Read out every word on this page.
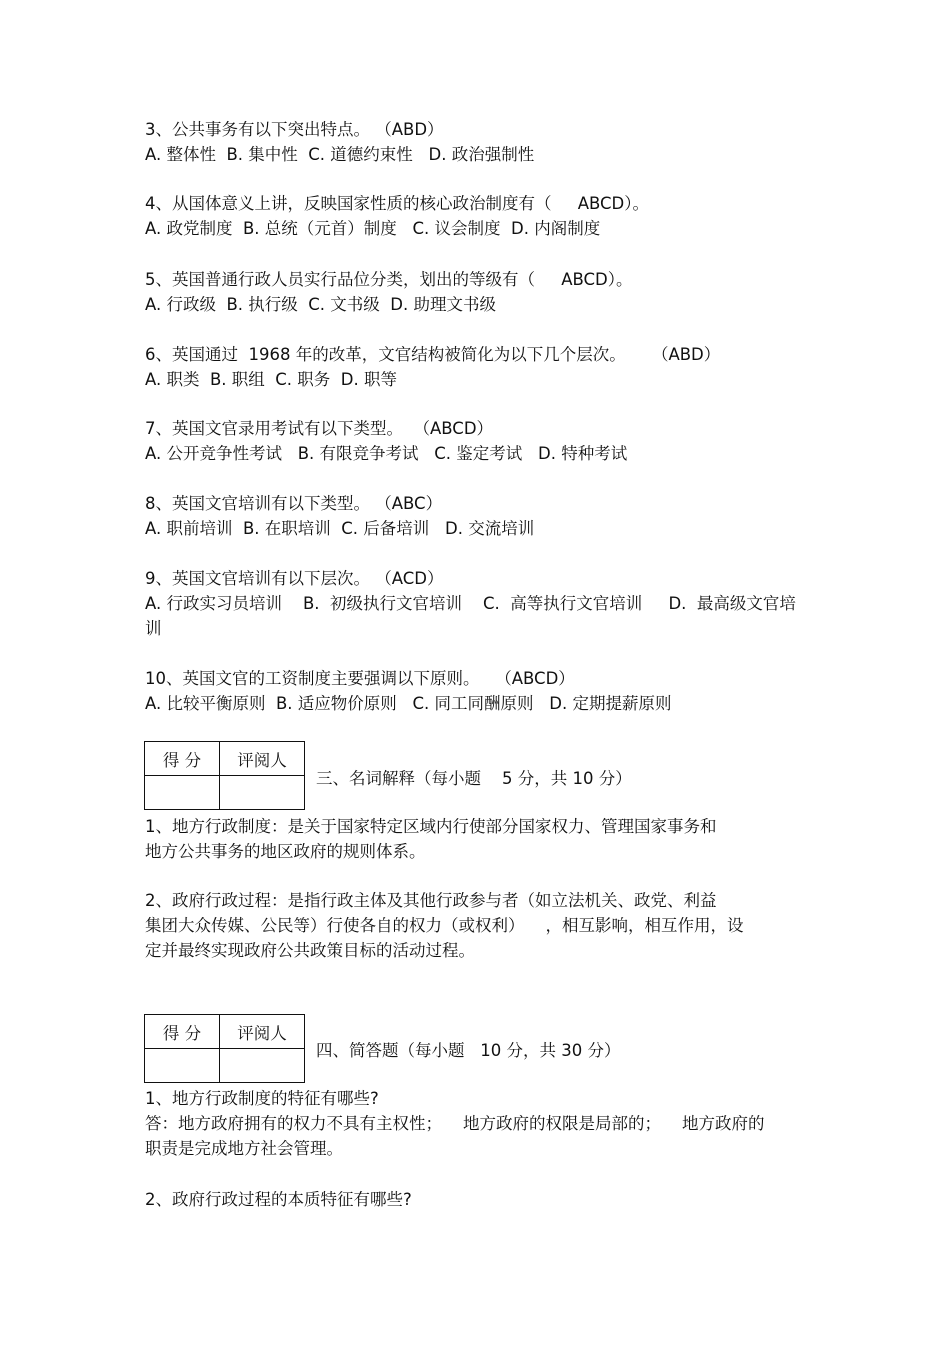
3、公共事务有以下突出特点。 （ABD）

A. 整体性  B. 集中性  C. 道德约束性   D. 政治强制性

4、从国体意义上讲，反映国家性质的核心政治制度有（     ABCD）。

A. 政党制度  B. 总统（元首）制度   C. 议会制度  D. 内阁制度

5、英国普通行政人员实行品位分类，划出的等级有（     ABCD）。

A. 行政级  B. 执行级  C. 文书级  D. 助理文书级

6、英国通过  1968 年的改革，文官结构被简化为以下几个层次。     （ABD）

A. 职类  B. 职组  C. 职务  D. 职等

7、英国文官录用考试有以下类型。  （ABCD）

A. 公开竞争性考试   B. 有限竞争考试   C. 鉴定考试   D. 特种考试

8、英国文官培训有以下类型。 （ABC）

A. 职前培训  B. 在职培训  C. 后备培训   D. 交流培训

9、英国文官培训有以下层次。 （ACD）

A. 行政实习员培训    B.  初级执行文官培训    C.  高等执行文官培训     D.  最高级文官培训

10、英国文官的工资制度主要强调以下原则。   （ABCD）

A. 比较平衡原则  B. 适应物价原则   C. 同工同酬原则   D. 定期提薪原则

得 分	评阅人

三、名词解释（每小题    5 分，共 10 分）

1、地方行政制度：是关于国家特定区域内行使部分国家权力、管理国家事务和

地方公共事务的地区政府的规则体系。

2、政府行政过程：是指行政主体及其他行政参与者（如立法机关、政党、利益

集团大众传媒、公民等）行使各自的权力（或权利）    ，相互影响，相互作用，设

定并最终实现政府公共政策目标的活动过程。

得 分	评阅人

四、简答题（每小题   10 分，共 30 分）

1、地方行政制度的特征有哪些?

答：地方政府拥有的权力不具有主权性；    地方政府的权限是局部的；    地方政府的

职责是完成地方社会管理。

2、政府行政过程的本质特征有哪些?
